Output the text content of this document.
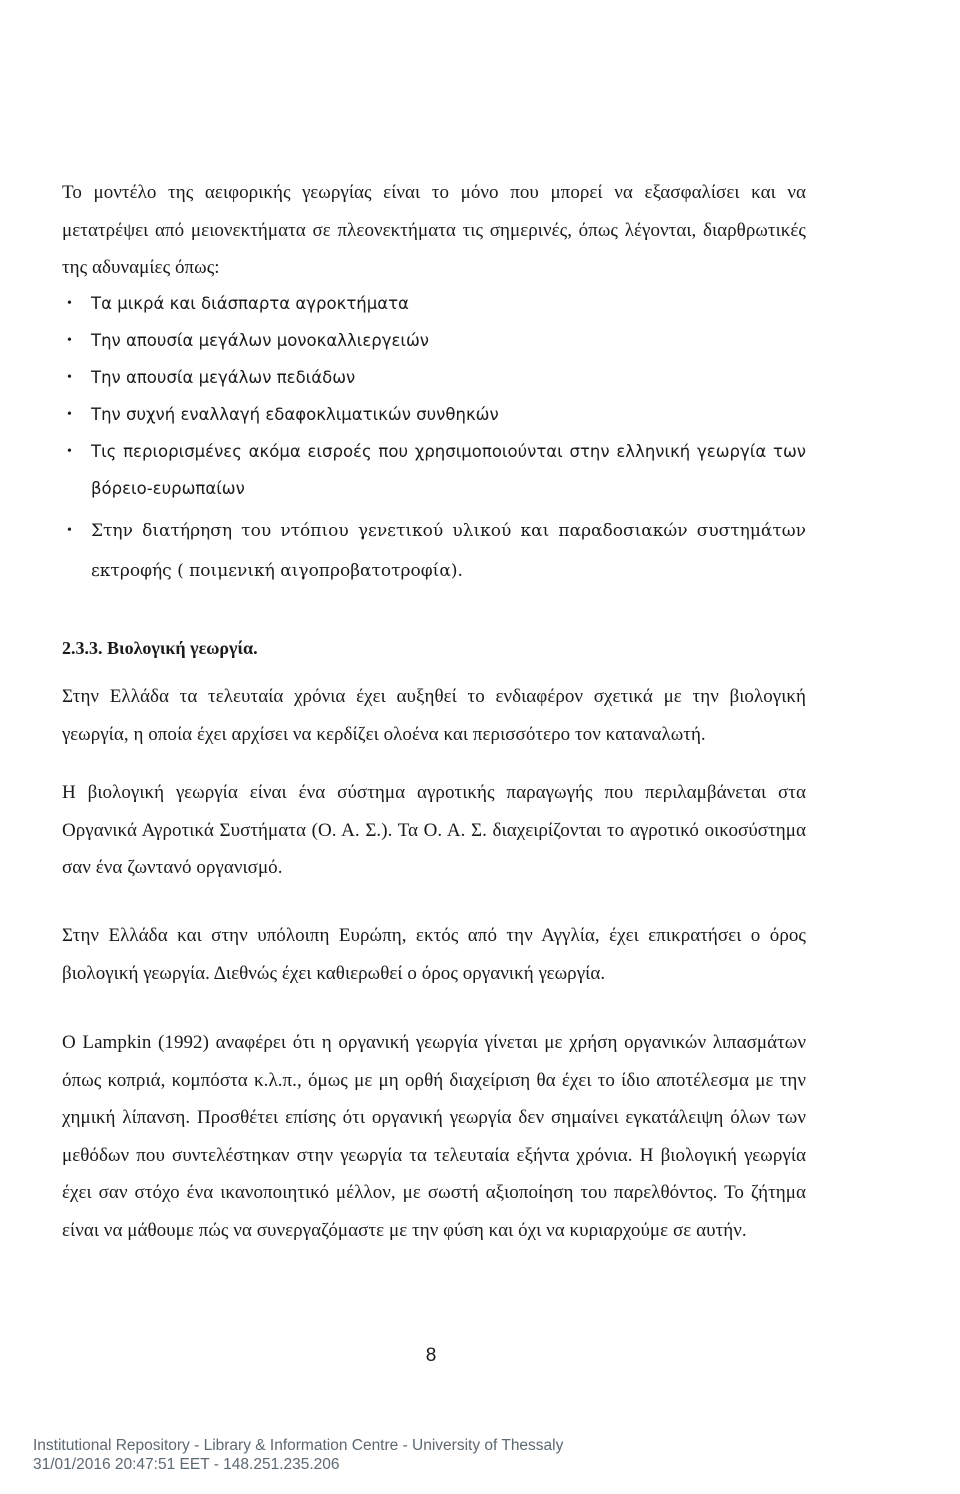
Το μοντέλο της αειφορικής γεωργίας είναι το μόνο που μπορεί να εξασφαλίσει και να μετατρέψει από μειονεκτήματα σε πλεονεκτήματα τις σημερινές, όπως λέγονται, διαρθρωτικές της αδυναμίες όπως:

• Τα μικρά και διάσπαρτα αγροκτήματα
• Την απουσία μεγάλων μονοκαλλιεργειών
• Την απουσία μεγάλων πεδιάδων
• Την συχνή εναλλαγή εδαφοκλιματικών συνθηκών
• Τις περιορισμένες ακόμα εισροές που χρησιμοποιούνται στην ελληνική γεωργία των βόρειο-ευρωπαίων
• Στην διατήρηση του ντόπιου γενετικού υλικού και παραδοσιακών συστημάτων εκτροφής ( ποιμενική αιγοπροβατοτροφία).
2.3.3. Βιολογική γεωργία.

Στην Ελλάδα τα τελευταία χρόνια έχει αυξηθεί το ενδιαφέρον σχετικά με την βιολογική γεωργία, η οποία έχει αρχίσει να κερδίζει ολοένα και περισσότερο τον καταναλωτή.

Η βιολογική γεωργία είναι ένα σύστημα αγροτικής παραγωγής που περιλαμβάνεται στα Οργανικά Αγροτικά Συστήματα (Ο. Α. Σ.). Τα Ο. Α. Σ. διαχειρίζονται το αγροτικό οικοσύστημα σαν ένα ζωντανό οργανισμό.

Στην Ελλάδα και στην υπόλοιπη Ευρώπη, εκτός από την Αγγλία, έχει επικρατήσει ο όρος βιολογική γεωργία. Διεθνώς έχει καθιερωθεί ο όρος οργανική γεωργία.

Ο Lampkin (1992) αναφέρει ότι η οργανική γεωργία γίνεται με χρήση οργανικών λιπασμάτων όπως κοπριά, κομπόστα κ.λ.π., όμως με μη ορθή διαχείριση θα έχει το ίδιο αποτέλεσμα με την χημική λίπανση. Προσθέτει επίσης ότι οργανική γεωργία δεν σημαίνει εγκατάλειψη όλων των μεθόδων που συντελέστηκαν στην γεωργία τα τελευταία εξήντα χρόνια. Η βιολογική γεωργία έχει σαν στόχο ένα ικανοποιητικό μέλλον, με σωστή αξιοποίηση του παρελθόντος. Το ζήτημα είναι να μάθουμε πώς να συνεργαζόμαστε με την φύση και όχι να κυριαρχούμε σε αυτήν.

8
Institutional Repository - Library & Information Centre - University of Thessaly
31/01/2016 20:47:51 EET - 148.251.235.206
